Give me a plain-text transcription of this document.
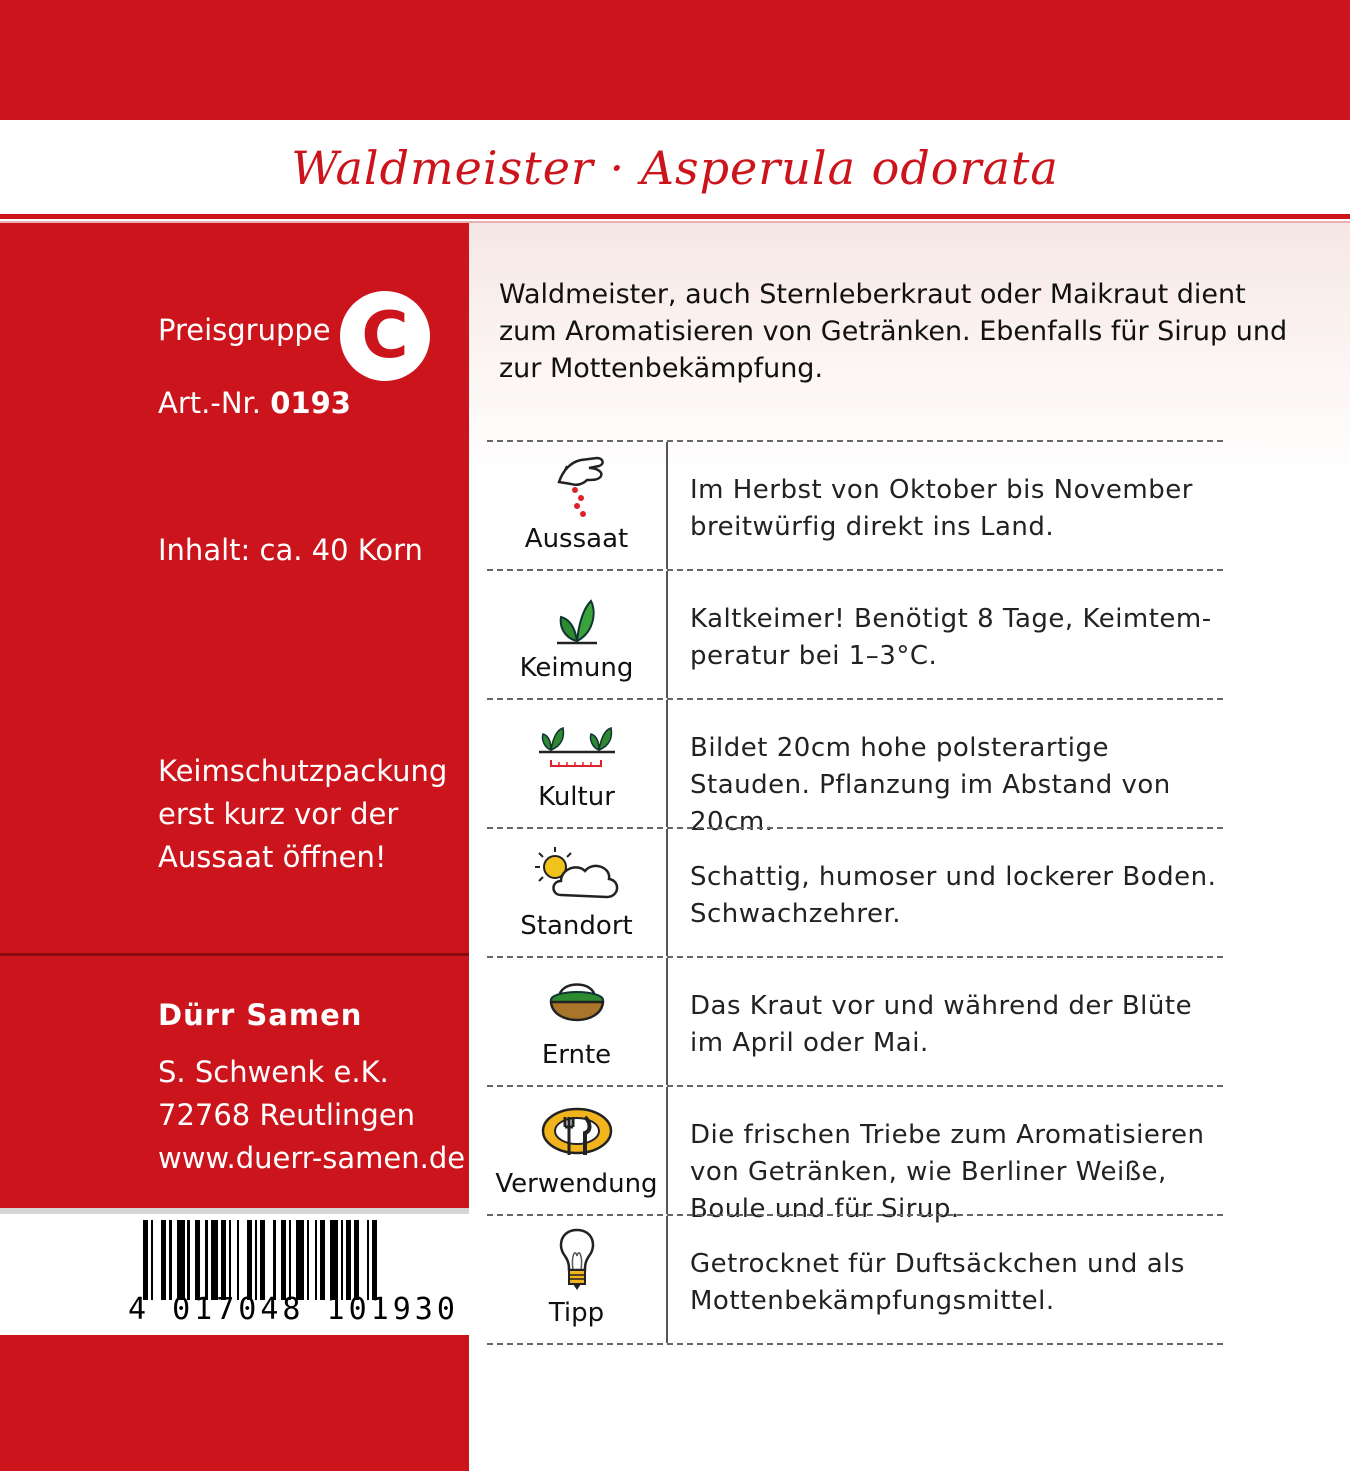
Waldmeister · Asperula odorata
Preisgruppe C
Art.-Nr. 0193
Inhalt: ca. 40 Korn
Keimschutzpackung erst kurz vor der Aussaat öffnen!
Dürr Samen
S. Schwenk e.K.
72768 Reutlingen
www.duerr-samen.de
4 017048 101930
Waldmeister, auch Sternleberkraut oder Maikraut dient zum Aromatisieren von Getränken. Ebenfalls für Sirup und zur Mottenbekämpfung.
Aussaat
Im Herbst von Oktober bis November breitwürfig direkt ins Land.
Keimung
Kaltkeimer! Benötigt 8 Tage, Keimtem-peratur bei 1–3°C.
Kultur
Bildet 20cm hohe polsterartige Stauden. Pflanzung im Abstand von 20cm.
Standort
Schattig, humoser und lockerer Boden. Schwachzehrer.
Ernte
Das Kraut vor und während der Blüte im April oder Mai.
Verwendung
Die frischen Triebe zum Aromatisieren von Getränken, wie Berliner Weiße, Boule und für Sirup.
Tipp
Getrocknet für Duftsäckchen und als Mottenbekämpfungsmittel.
